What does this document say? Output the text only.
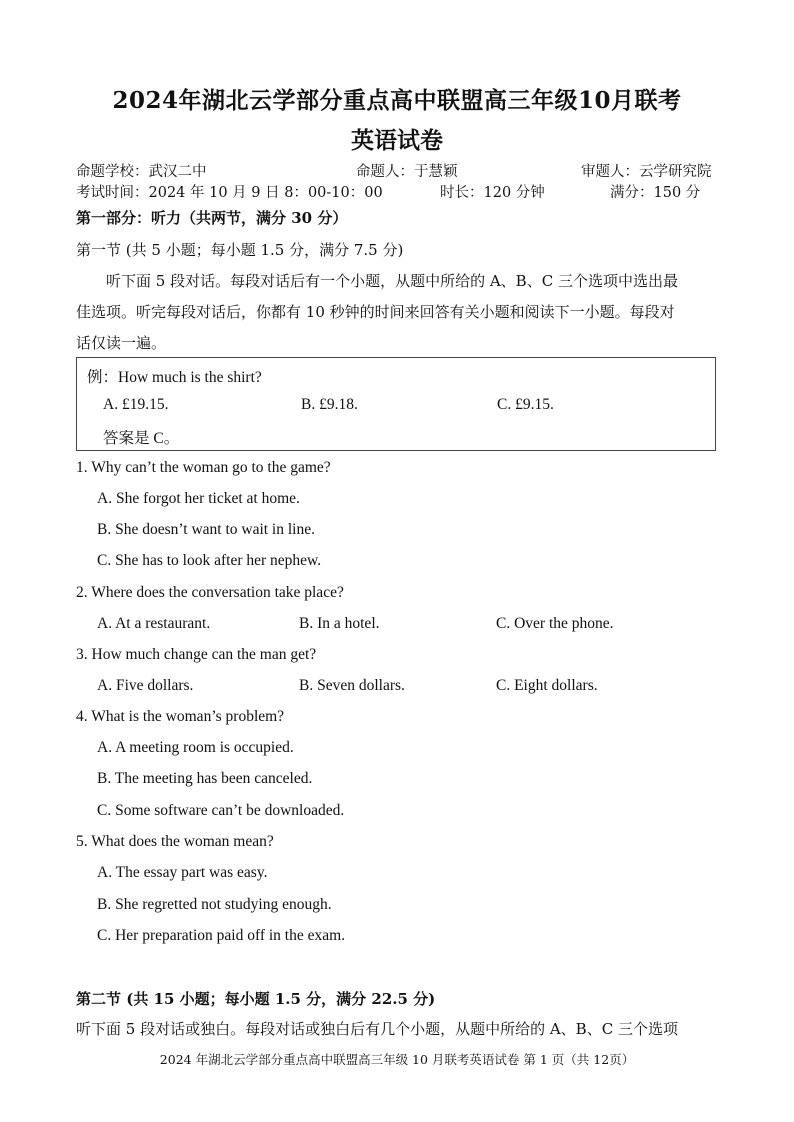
2024年湖北云学部分重点高中联盟高三年级10月联考
英语试卷
命题学校：武汉二中	命题人：于慧颖	审题人：云学研究院
考试时间：2024 年 10 月 9 日 8：00-10：00	时长：120 分钟	满分：150 分
第一部分：听力（共两节，满分 30 分）
第一节 (共 5 小题；每小题 1.5 分，满分 7.5 分)
听下面 5 段对话。每段对话后有一个小题，从题中所给的 A、B、C 三个选项中选出最
佳选项。听完每段对话后，你都有 10 秒钟的时间来回答有关小题和阅读下一小题。每段对
话仅读一遍。
例：How much is the shirt?
A. £19.15.	B. £9.18.	C. £9.15.
答案是 C。
1. Why can’t the woman go to the game?
A. She forgot her ticket at home.
B. She doesn’t want to wait in line.
C. She has to look after her nephew.
2. Where does the conversation take place?
A. At a restaurant.	B. In a hotel.	C. Over the phone.
3. How much change can the man get?
A. Five dollars.	B. Seven dollars.	C. Eight dollars.
4. What is the woman’s problem?
A. A meeting room is occupied.
B. The meeting has been canceled.
C. Some software can’t be downloaded.
5. What does the woman mean?
A. The essay part was easy.
B. She regretted not studying enough.
C. Her preparation paid off in the exam.
第二节 (共 15 小题；每小题 1.5 分，满分 22.5 分)
听下面 5 段对话或独白。每段对话或独白后有几个小题，从题中所给的 A、B、C 三个选项
2024 年湖北云学部分重点高中联盟高三年级 10 月联考英语试卷 第 1 页（共 12页）
